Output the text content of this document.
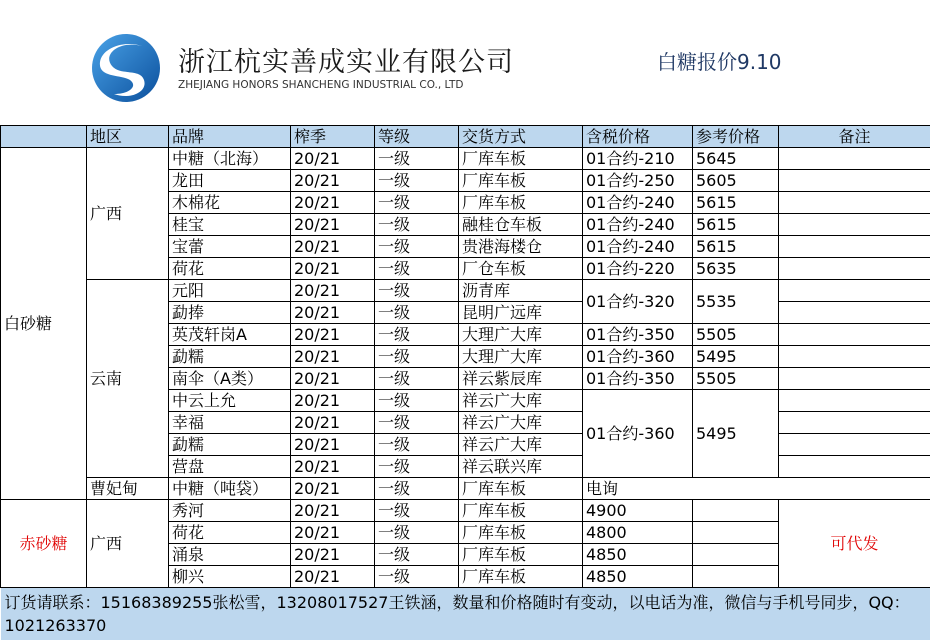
浙江杭实善成实业有限公司
ZHEJIANG HONORS SHANCHENG INDUSTRIAL CO., LTD
白糖报价9.10
	地区	品牌	榨季	等级	交货方式	含税价格	参考价格	备注
白砂糖	广西	中糖（北海）	20/21	一级	厂库车板	01合约-210	5645	
		龙田	20/21	一级	厂库车板	01合约-250	5605	
		木棉花	20/21	一级	厂库车板	01合约-240	5615	
		桂宝	20/21	一级	融桂仓车板	01合约-240	5615	
		宝蕾	20/21	一级	贵港海楼仓	01合约-240	5615	
		荷花	20/21	一级	厂仓车板	01合约-220	5635	
	云南	元阳	20/21	一级	沥青库	01合约-320	5535	
		勐捧	20/21	一级	昆明广远库			
		英茂轩岗A	20/21	一级	大理广大库	01合约-350	5505	
		勐糯	20/21	一级	大理广大库	01合约-360	5495	
		南伞（A类）	20/21	一级	祥云紫辰库	01合约-350	5505	
		中云上允	20/21	一级	祥云广大库	01合约-360	5495	
		幸福	20/21	一级	祥云广大库			
		勐糯	20/21	一级	祥云广大库			
		营盘	20/21	一级	祥云联兴库			
	曹妃甸	中糖（吨袋）	20/21	一级	厂库车板	电询		
赤砂糖	广西	秀河	20/21	一级	厂库车板	4900		可代发
		荷花	20/21	一级	厂库车板	4800		
		涌泉	20/21	一级	厂库车板	4850		
		柳兴	20/21	一级	厂库车板	4850		
订货请联系：15168389255张松雪，13208017527王铁涵，数量和价格随时有变动，以电话为准，微信与手机号同步，QQ：1021263370								
